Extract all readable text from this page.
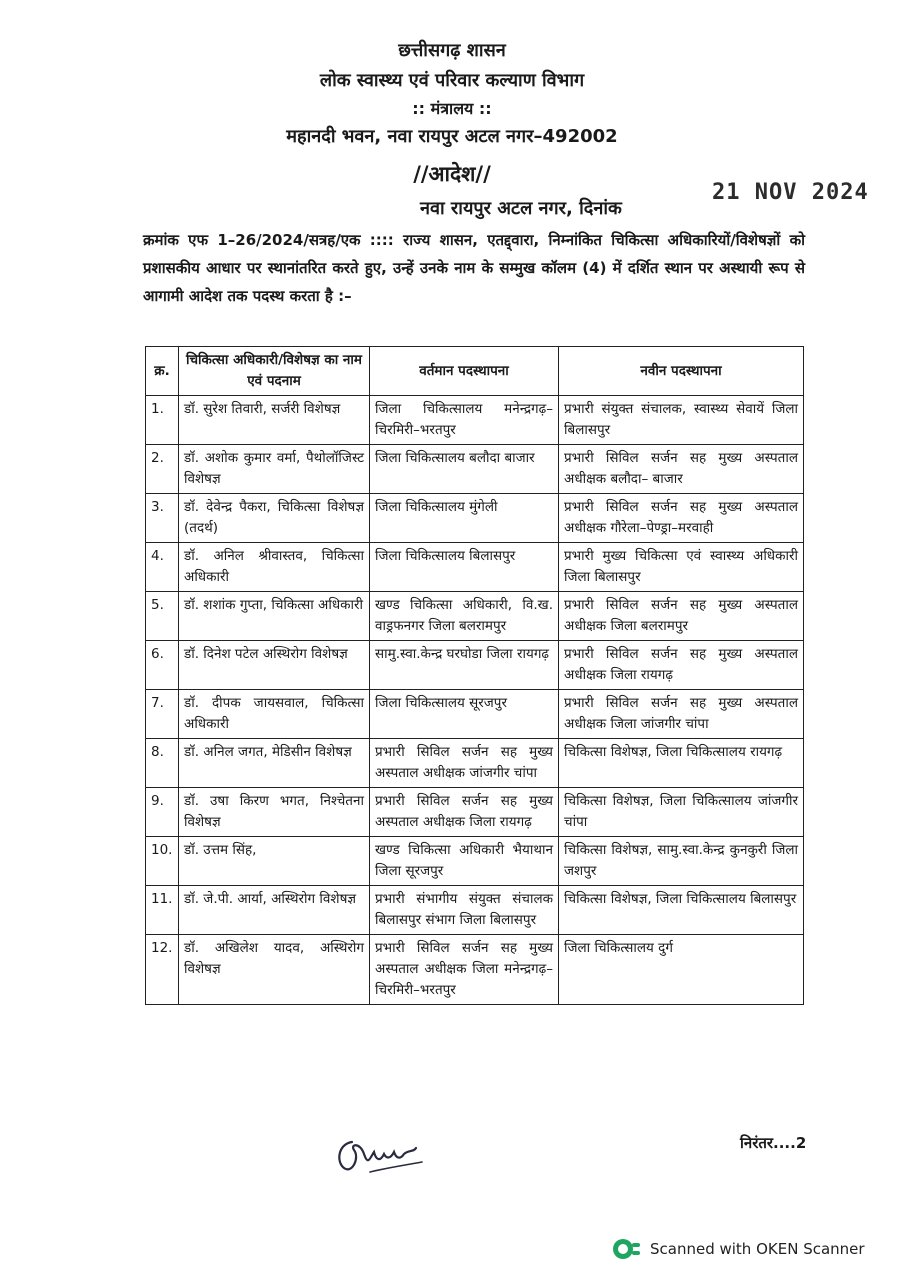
छत्तीसगढ़ शासन
लोक स्वास्थ्य एवं परिवार कल्याण विभाग
:: मंत्रालय ::
महानदी भवन, नवा रायपुर अटल नगर–492002
//आदेश//
नवा रायपुर अटल नगर, दिनांक
21 NOV 2024
क्रमांक एफ 1–26/2024/सत्रह/एक :::: राज्य शासन, एतद्द्वारा, निम्नांकित चिकित्सा अधिकारियों/विशेषज्ञों को प्रशासकीय आधार पर स्थानांतरित करते हुए, उन्हें उनके नाम के सम्मुख कॉलम (4) में दर्शित स्थान पर अस्थायी रूप से आगामी आदेश तक पदस्थ करता है :–
क्र.	चिकित्सा अधिकारी/विशेषज्ञ का नाम एवं पदनाम	वर्तमान पदस्थापना	नवीन पदस्थापना
1.	डॉ. सुरेश तिवारी, सर्जरी विशेषज्ञ	जिला चिकित्सालय मनेन्द्रगढ़–चिरमिरी–भरतपुर	प्रभारी संयुक्त संचालक, स्वास्थ्य सेवायें जिला बिलासपुर
2.	डॉ. अशोक कुमार वर्मा, पैथोलॉजिस्ट विशेषज्ञ	जिला चिकित्सालय बलौदा बाजार	प्रभारी सिविल सर्जन सह मुख्य अस्पताल अधीक्षक बलौदा– बाजार
3.	डॉ. देवेन्द्र पैकरा, चिकित्सा विशेषज्ञ (तदर्थ)	जिला चिकित्सालय मुंगेली	प्रभारी सिविल सर्जन सह मुख्य अस्पताल अधीक्षक गौरेला–पेण्ड्रा–मरवाही
4.	डॉ. अनिल श्रीवास्तव, चिकित्सा अधिकारी	जिला चिकित्सालय बिलासपुर	प्रभारी मुख्य चिकित्सा एवं स्वास्थ्य अधिकारी जिला बिलासपुर
5.	डॉ. शशांक गुप्ता, चिकित्सा अधिकारी	खण्ड चिकित्सा अधिकारी, वि.ख. वाड्रफनगर जिला बलरामपुर	प्रभारी सिविल सर्जन सह मुख्य अस्पताल अधीक्षक जिला बलरामपुर
6.	डॉ. दिनेश पटेल अस्थिरोग विशेषज्ञ	सामु.स्वा.केन्द्र घरघोडा जिला रायगढ़	प्रभारी सिविल सर्जन सह मुख्य अस्पताल अधीक्षक जिला रायगढ़
7.	डॉ. दीपक जायसवाल, चिकित्सा अधिकारी	जिला चिकित्सालय सूरजपुर	प्रभारी सिविल सर्जन सह मुख्य अस्पताल अधीक्षक जिला जांजगीर चांपा
8.	डॉ. अनिल जगत, मेडिसीन विशेषज्ञ	प्रभारी सिविल सर्जन सह मुख्य अस्पताल अधीक्षक जांजगीर चांपा	चिकित्सा विशेषज्ञ, जिला चिकित्सालय रायगढ़
9.	डॉ. उषा किरण भगत, निश्चेतना विशेषज्ञ	प्रभारी सिविल सर्जन सह मुख्य अस्पताल अधीक्षक जिला रायगढ़	चिकित्सा विशेषज्ञ, जिला चिकित्सालय जांजगीर चांपा
10.	डॉ. उत्तम सिंह,	खण्ड चिकित्सा अधिकारी भैयाथान जिला सूरजपुर	चिकित्सा विशेषज्ञ, सामु.स्वा.केन्द्र कुनकुरी जिला जशपुर
11.	डॉ. जे.पी. आर्या, अस्थिरोग विशेषज्ञ	प्रभारी संभागीय संयुक्त संचालक बिलासपुर संभाग जिला बिलासपुर	चिकित्सा विशेषज्ञ, जिला चिकित्सालय बिलासपुर
12.	डॉ. अखिलेश यादव, अस्थिरोग विशेषज्ञ	प्रभारी सिविल सर्जन सह मुख्य अस्पताल अधीक्षक जिला मनेन्द्रगढ़–चिरमिरी–भरतपुर	जिला चिकित्सालय दुर्ग
निरंतर....2
Scanned with OKEN Scanner
